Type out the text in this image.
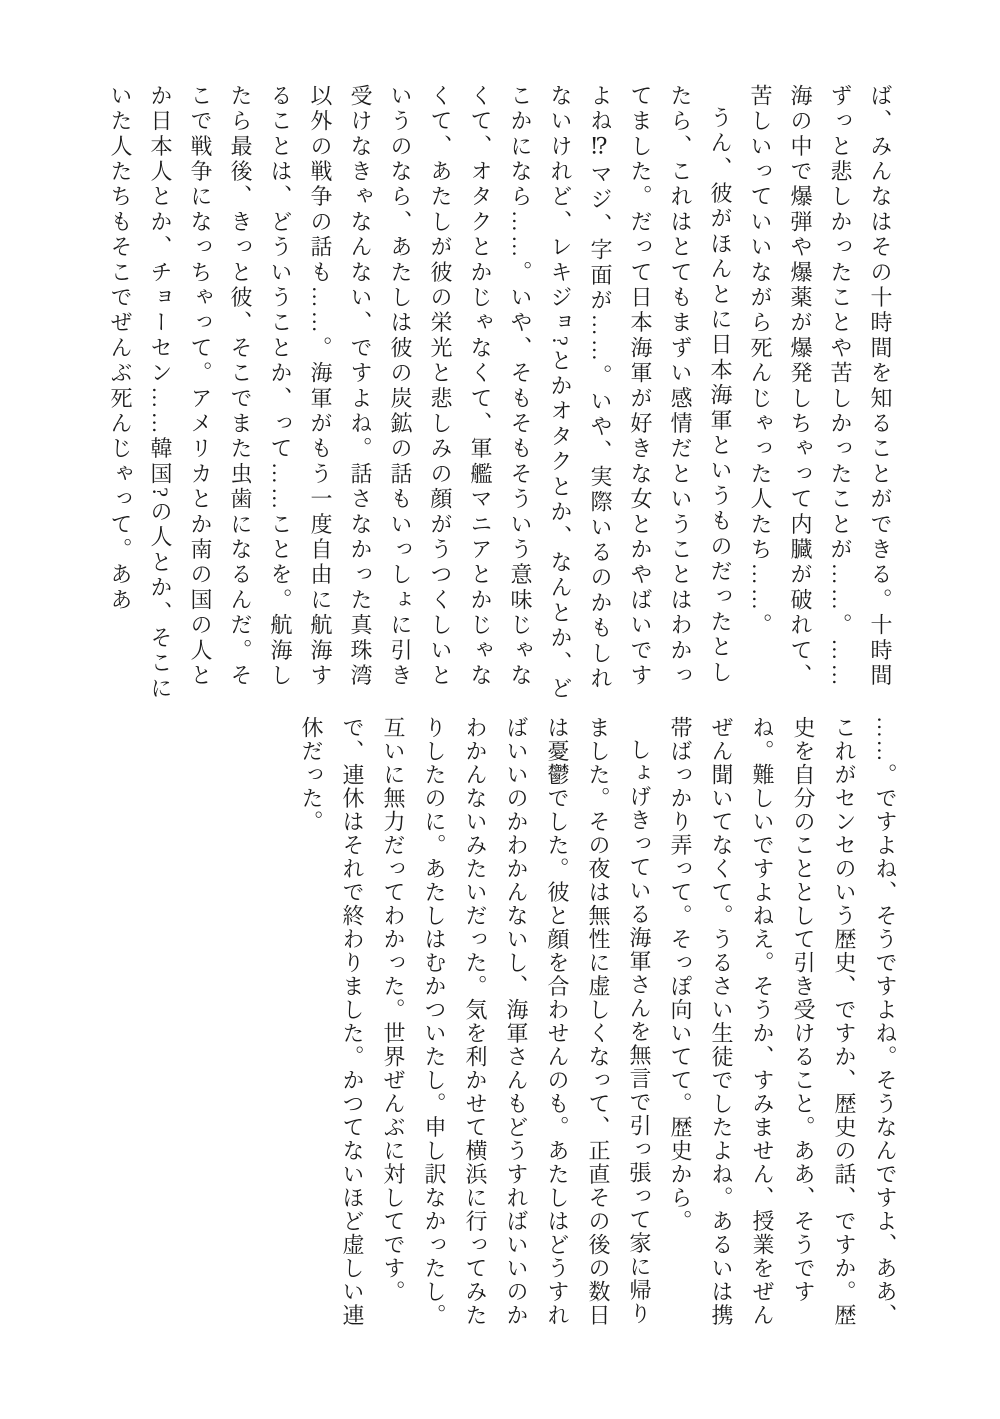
ば、みんなはその十時間を知ることができる。十時間ずっと悲しかったことや苦しかったことが……。……海の中で爆弾や爆薬が爆発しちゃって内臓が破れて、苦しいっていいながら死んじゃった人たち……。

うん、彼がほんとに日本海軍というものだったとしたら、これはとてもまずい感情だということはわかってました。だって日本海軍が好きな女とかやばいですよね⁉マジ、字面が……。いや、実際いるのかもしれないけれど、レキジョ?とかオタクとか、なんとか、どこかになら……。いや、そもそもそういう意味じゃなくて、オタクとかじゃなくて、軍艦マニアとかじゃなくて、あたしが彼の栄光と悲しみの顔がうつくしいというのなら、あたしは彼の炭鉱の話もいっしょに引き受けなきゃなんない、ですよね。話さなかった真珠湾以外の戦争の話も……。海軍がもう一度自由に航海することは、どういうことか、って……ことを。航海したら最後、きっと彼、そこでまた虫歯になるんだ。そこで戦争になっちゃって。アメリカとか南の国の人とか日本人とか、チョーセン……韓国?の人とか、そこにいた人たちもそこでぜんぶ死んじゃって。ああ

……。ですよね、そうですよね。そうなんですよ、ああ、これがセンセのいう歴史、ですか、歴史の話、ですか。歴史を自分のこととして引き受けること。ああ、そうですね。難しいですよねえ。そうか、すみません、授業をぜんぜん聞いてなくて。うるさい生徒でしたよね。あるいは携帯ばっかり弄って。そっぽ向いてて。歴史から。

しょげきっている海軍さんを無言で引っ張って家に帰りました。その夜は無性に虚しくなって、正直その後の数日は憂鬱でした。彼と顔を合わせんのも。あたしはどうすればいいのかわかんないし、海軍さんもどうすればいいのかわかんないみたいだった。気を利かせて横浜に行ってみたりしたのに。あたしはむかついたし。申し訳なかったし。互いに無力だってわかった。世界ぜんぶに対してです。で、連休はそれで終わりました。かつてないほど虚しい連休だった。
